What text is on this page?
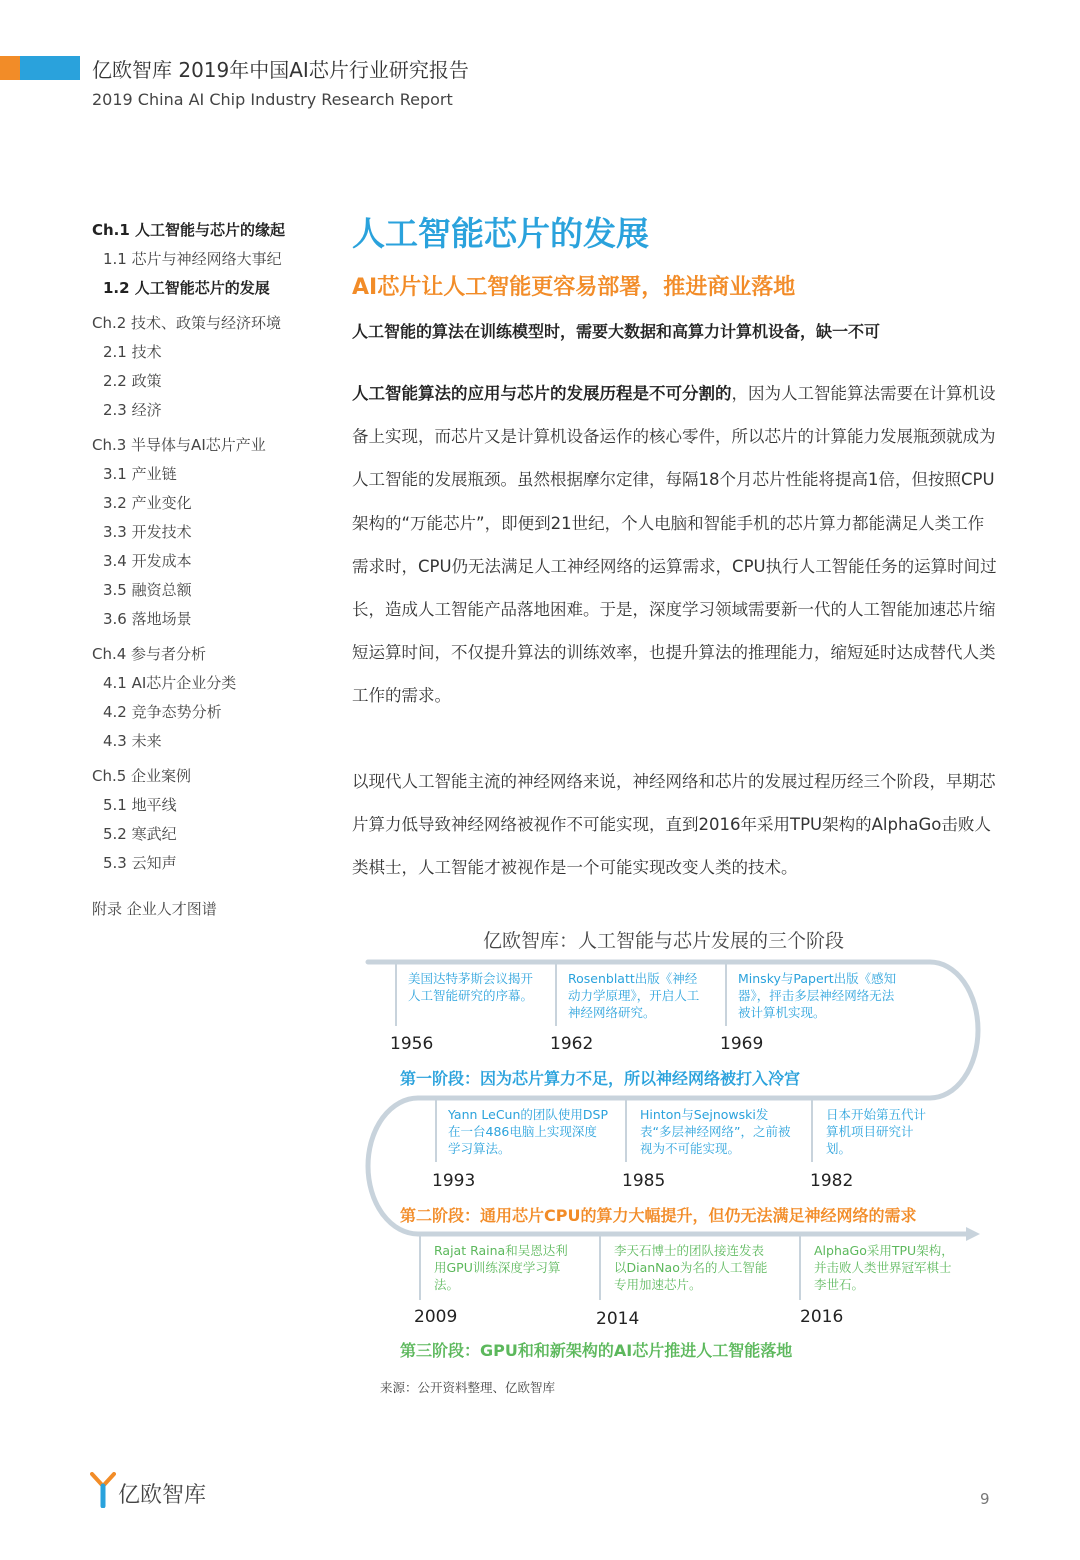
亿欧智库 2019年中国AI芯片行业研究报告
2019 China AI Chip Industry Research Report
Ch.1 人工智能与芯片的缘起
1.1 芯片与神经网络大事纪
1.2 人工智能芯片的发展
Ch.2 技术、政策与经济环境
2.1 技术
2.2 政策
2.3 经济
Ch.3 半导体与AI芯片产业
3.1 产业链
3.2 产业变化
3.3 开发技术
3.4 开发成本
3.5 融资总额
3.6 落地场景
Ch.4 参与者分析
4.1 AI芯片企业分类
4.2 竞争态势分析
4.3 未来
Ch.5 企业案例
5.1 地平线
5.2 寒武纪
5.3 云知声
附录 企业人才图谱
人工智能芯片的发展
AI芯片让人工智能更容易部署，推进商业落地
人工智能的算法在训练模型时，需要大数据和高算力计算机设备，缺一不可

人工智能算法的应用与芯片的发展历程是不可分割的，因为人工智能算法需要在计算机设备上实现，而芯片又是计算机设备运作的核心零件，所以芯片的计算能力发展瓶颈就成为人工智能的发展瓶颈。虽然根据摩尔定律，每隔18个月芯片性能将提高1倍，但按照CPU架构的“万能芯片”，即便到21世纪，个人电脑和智能手机的芯片算力都能满足人类工作需求时，CPU仍无法满足人工神经网络的运算需求，CPU执行人工智能任务的运算时间过长，造成人工智能产品落地困难。于是，深度学习领域需要新一代的人工智能加速芯片缩短运算时间，不仅提升算法的训练效率，也提升算法的推理能力，缩短延时达成替代人类工作的需求。

以现代人工智能主流的神经网络来说，神经网络和芯片的发展过程历经三个阶段，早期芯片算力低导致神经网络被视作不可能实现，直到2016年采用TPU架构的AlphaGo击败人类棋士，人工智能才被视作是一个可能实现改变人类的技术。

亿欧智库：人工智能与芯片发展的三个阶段
美国达特茅斯会议揭开人工智能研究的序幕。
Rosenblatt出版《神经动力学原理》，开启人工神经网络研究。
Minsky与Papert出版《感知器》，抨击多层神经网络无法被计算机实现。
1956	1962	1969
第一阶段：因为芯片算力不足，所以神经网络被打入冷宫
Yann LeCun的团队使用DSP在一台486电脑上实现深度学习算法。
Hinton与Sejnowski发表“多层神经网络”，之前被视为不可能实现。
日本开始第五代计算机项目研究计划。
1993	1985	1982
第二阶段：通用芯片CPU的算力大幅提升，但仍无法满足神经网络的需求
Rajat Raina和吴恩达利用GPU训练深度学习算法。
李天石博士的团队接连发表以DianNao为名的人工智能专用加速芯片。
AlphaGo采用TPU架构，并击败人类世界冠军棋士李世石。
2009	2014	2016
第三阶段：GPU和和新架构的AI芯片推进人工智能落地
来源：公开资料整理、亿欧智库
亿欧智库	9
